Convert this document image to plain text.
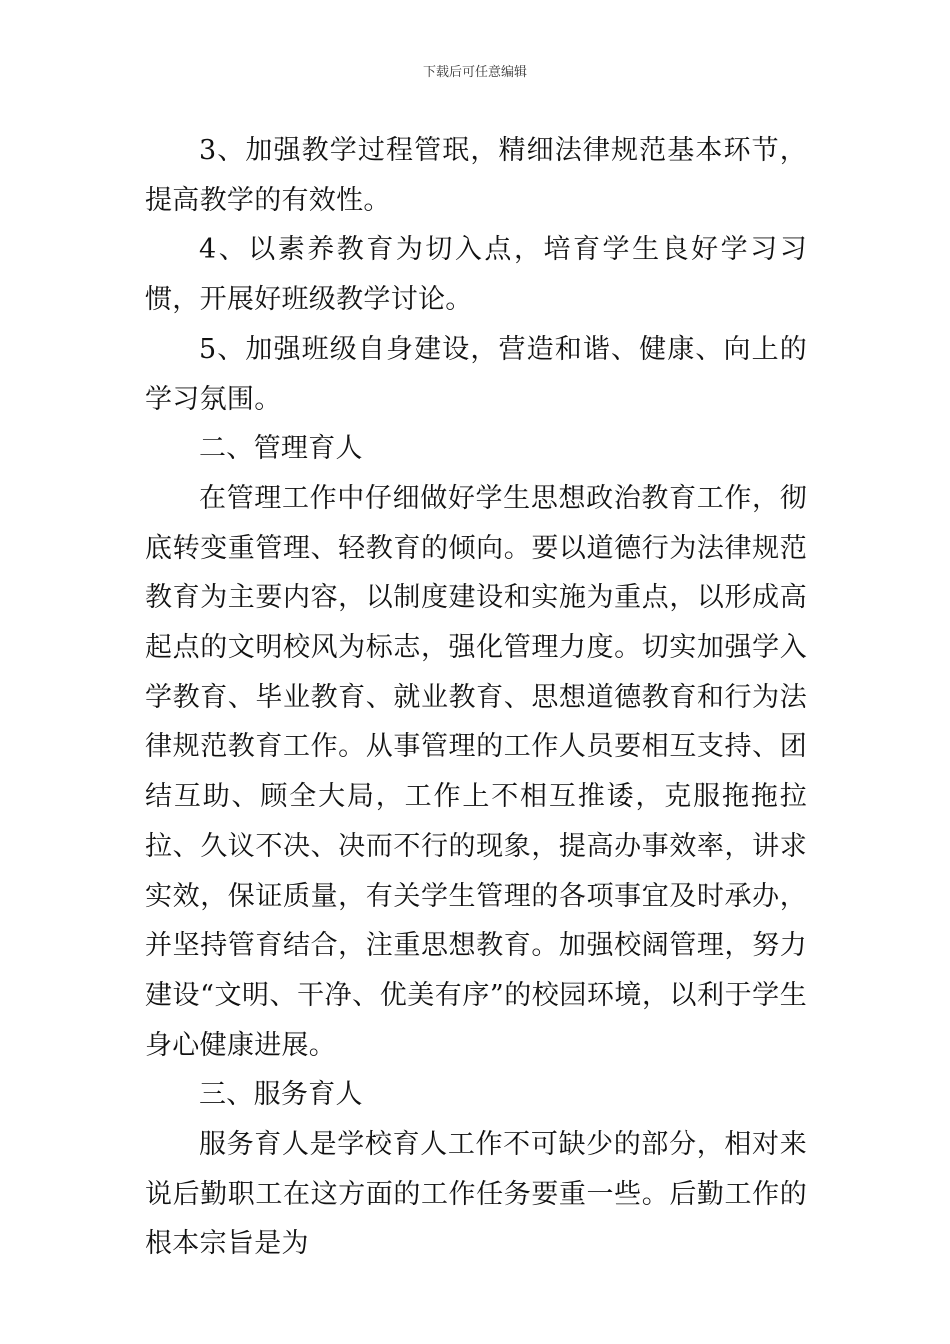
下载后可任意编辑

3、加强教学过程管珉，精细法律规范基本环节，提高教学的有效性。

4、以素养教育为切入点，培育学生良好学习习惯，开展好班级教学讨论。

5、加强班级自身建设，营造和谐、健康、向上的学习氛围。

二、管理育人

在管理工作中仔细做好学生思想政治教育工作，彻底转变重管理、轻教育的倾向。要以道德行为法律规范教育为主要内容，以制度建设和实施为重点，以形成高起点的文明校风为标志，强化管理力度。切实加强学入学教育、毕业教育、就业教育、思想道德教育和行为法律规范教育工作。从事管理的工作人员要相互支持、团结互助、顾全大局，工作上不相互推诿，克服拖拖拉拉、久议不决、决而不行的现象，提高办事效率，讲求实效，保证质量，有关学生管理的各项事宜及时承办，并坚持管育结合，注重思想教育。加强校阔管理，努力建设“文明、干净、优美有序”的校园环境，以利于学生身心健康进展。

三、服务育人

服务育人是学校育人工作不可缺少的部分，相对来说后勤职工在这方面的工作任务要重一些。后勤工作的根本宗旨是为
